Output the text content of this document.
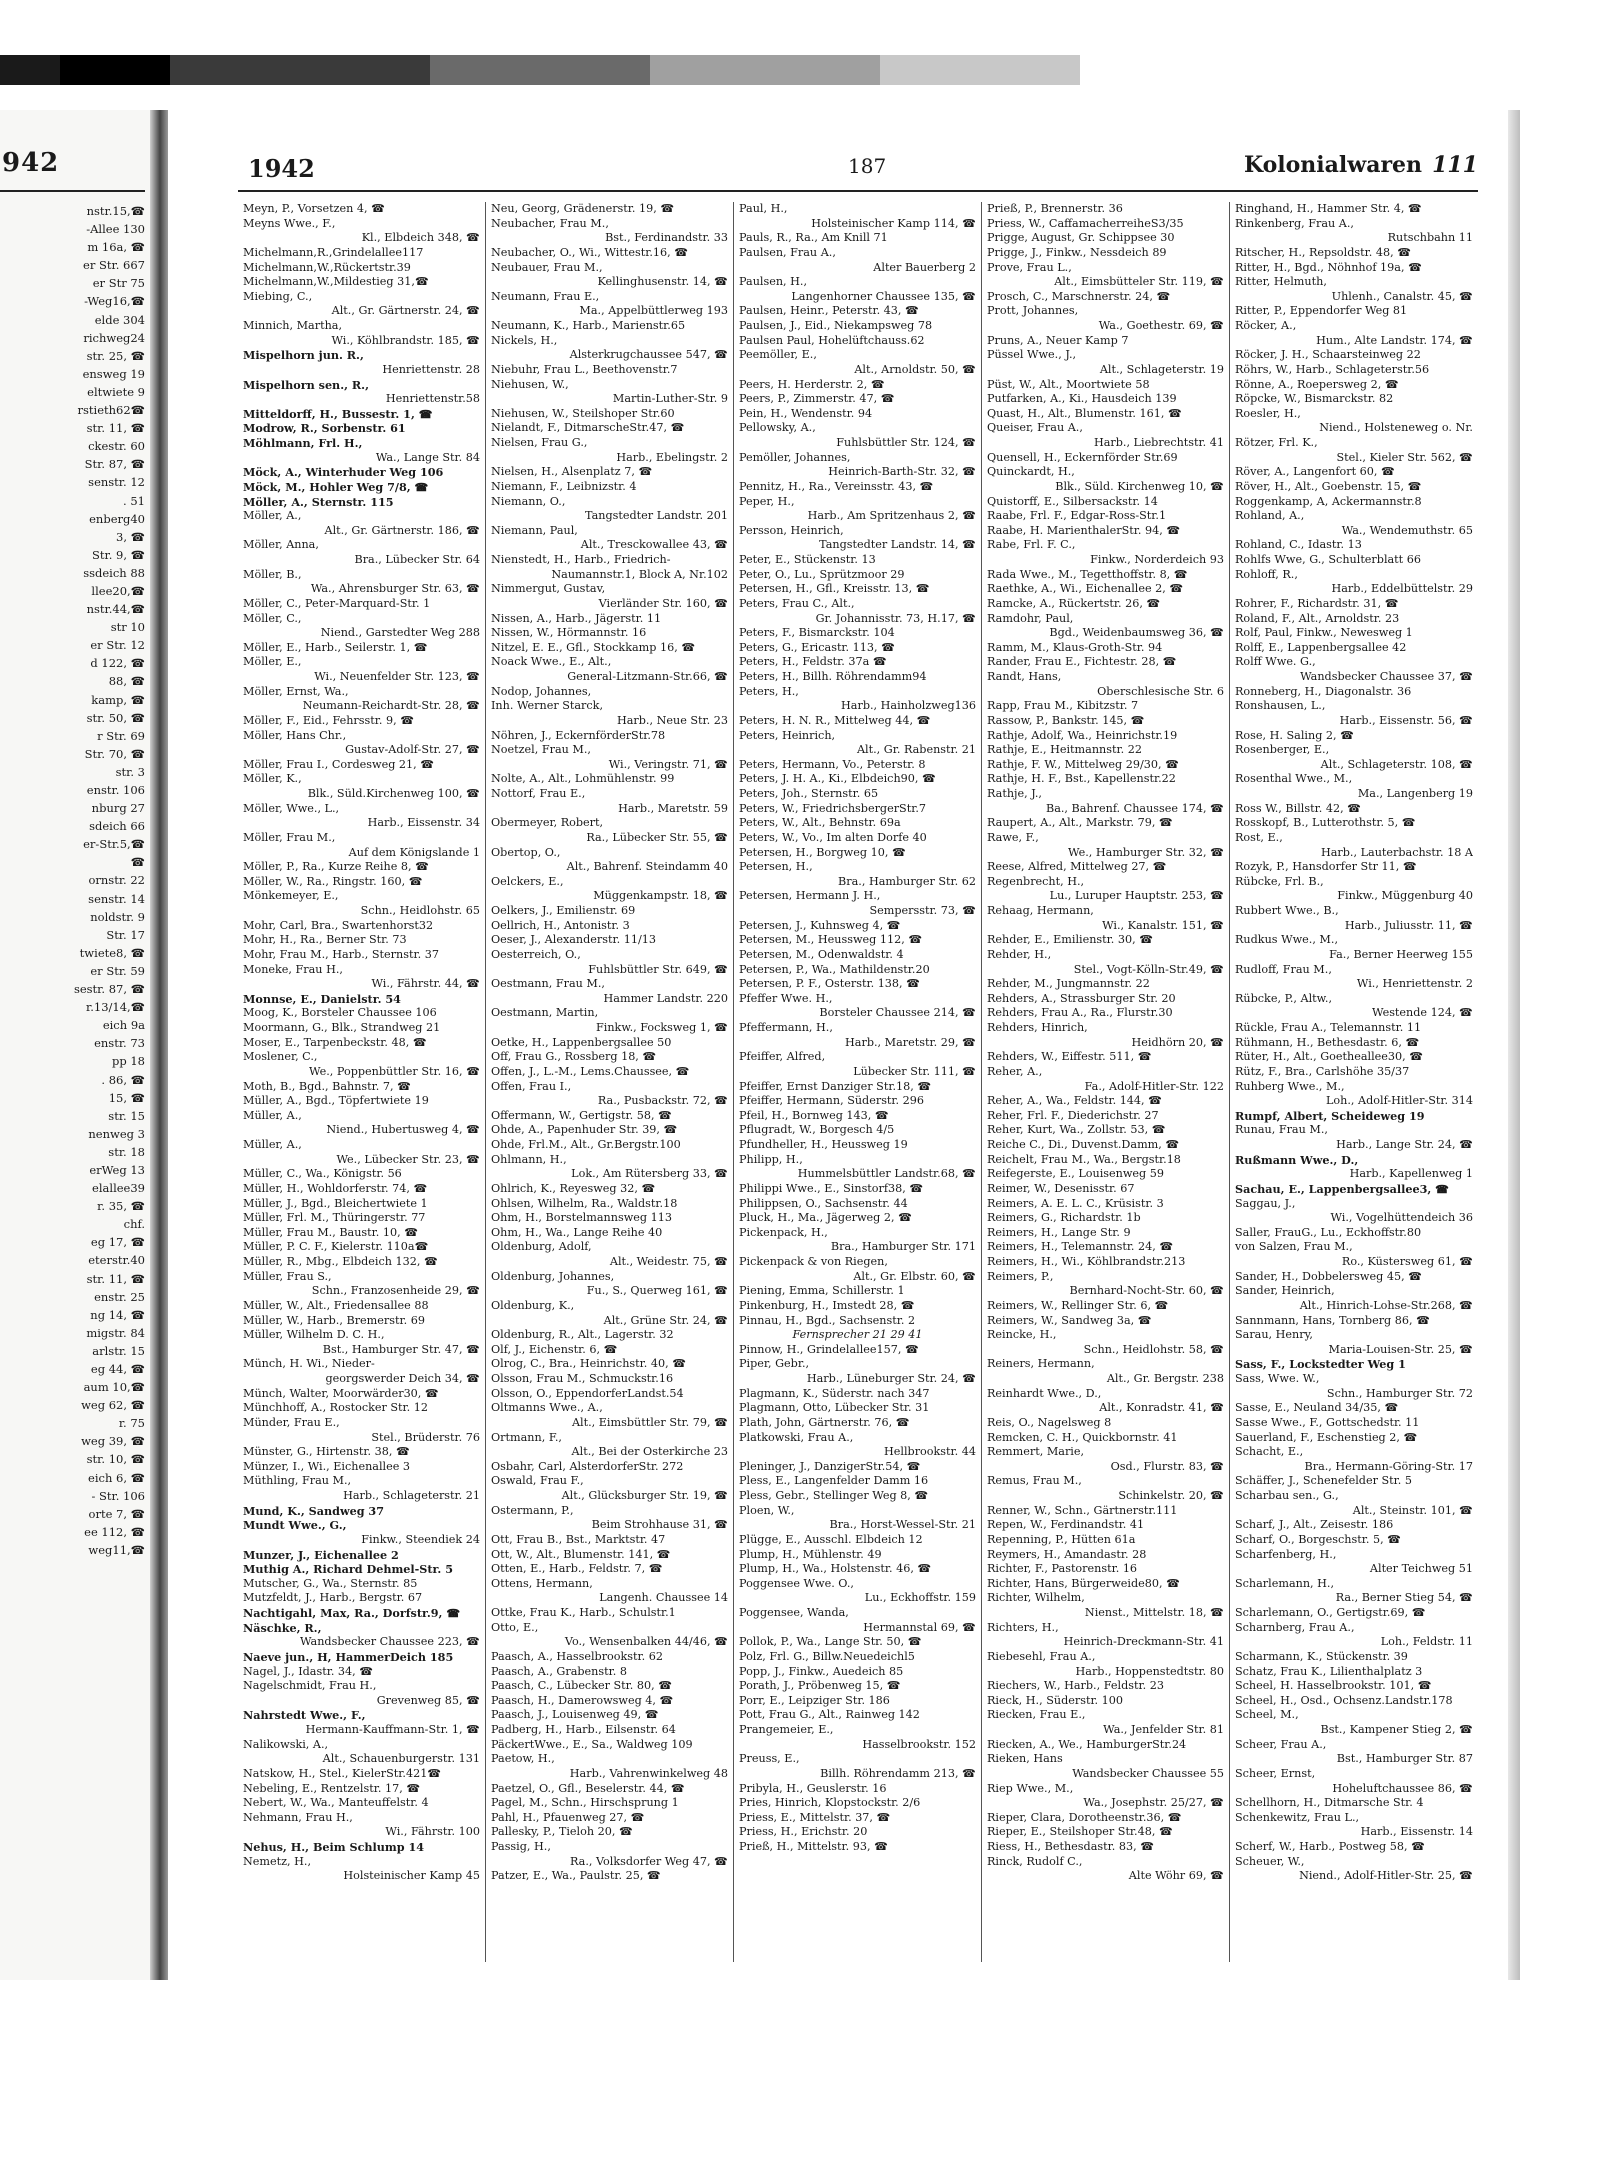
942
nstr.15,☎
-Allee 130
m 16a, ☎
er Str. 667
er Str 75
-Weg16,☎
elde 304
richweg24
str. 25, ☎
ensweg 19
eltwiete 9
rstieth62☎
str. 11, ☎
ckestr. 60
Str. 87, ☎
senstr. 12
. 51
enberg40
3, ☎
Str. 9, ☎
ssdeich 88
llee20,☎
nstr.44,☎
str 10
er Str. 12
d 122, ☎
88, ☎
kamp, ☎
str. 50, ☎
r Str. 69
Str. 70, ☎
str. 3
enstr. 106
nburg 27
sdeich 66
er-Str.5,☎
☎
ornstr. 22
senstr. 14
noldstr. 9
Str. 17
twiete8, ☎
er Str. 59
sestr. 87, ☎
r.13/14,☎
eich 9a
enstr. 73
pp 18
. 86, ☎
15, ☎
str. 15
nenweg 3
str. 18
erWeg 13
elallee39
r. 35, ☎
chf.
eg 17, ☎
eterstr.40
str. 11, ☎
enstr. 25
ng 14, ☎
migstr. 84
arlstr. 15
eg 44, ☎
aum 10,☎
weg 62, ☎
r. 75
weg 39, ☎
str. 10, ☎
eich 6, ☎
- Str. 106
orte 7, ☎
ee 112, ☎
weg11,☎
1942	187	Kolonialwaren 111
Meyn, P., Vorsetzen 4, ☎
Meyns Wwe., F.,
Kl., Elbdeich 348, ☎
Michelmann,R.,Grindelallee117
Michelmann,W.,Rückertstr.39
Michelmann,W.,Mildestieg 31,☎
Miebing, C.,
Alt., Gr. Gärtnerstr. 24, ☎
Minnich, Martha,
Wi., Köhlbrandstr. 185, ☎
Mispelhorn jun. R.,
Henriettenstr. 28
Mispelhorn sen., R.,
Henriettenstr.58
Mitteldorff, H., Bussestr. 1, ☎
Modrow, R., Sorbenstr. 61
Möhlmann, Frl. H.,
Wa., Lange Str. 84
Möck, A., Winterhuder Weg 106
Möck, M., Hohler Weg 7/8, ☎
Möller, A., Sternstr. 115
Möller, A.,
Alt., Gr. Gärtnerstr. 186, ☎
Möller, Anna,
Bra., Lübecker Str. 64
Möller, B.,
Wa., Ahrensburger Str. 63, ☎
Möller, C., Peter-Marquard-Str. 1
Möller, C.,
Niend., Garstedter Weg 288
Möller, E., Harb., Seilerstr. 1, ☎
Möller, E.,
Wi., Neuenfelder Str. 123, ☎
Möller, Ernst, Wa.,
Neumann-Reichardt-Str. 28, ☎
Möller, F., Eid., Fehrsstr. 9, ☎
Möller, Hans Chr.,
Gustav-Adolf-Str. 27, ☎
Möller, Frau I., Cordesweg 21, ☎
Möller, K.,
Blk., Süld.Kirchenweg 100, ☎
Möller, Wwe., L.,
Harb., Eissenstr. 34
Möller, Frau M.,
Auf dem Königslande 1
Möller, P., Ra., Kurze Reihe 8, ☎
Möller, W., Ra., Ringstr. 160, ☎
Mönkemeyer, E.,
Schn., Heidlohstr. 65
Mohr, Carl, Bra., Swartenhorst32
Mohr, H., Ra., Berner Str. 73
Mohr, Frau M., Harb., Sternstr. 37
Moneke, Frau H.,
Wi., Fährstr. 44, ☎
Monnse, E., Danielstr. 54
Moog, K., Borsteler Chaussee 106
Moormann, G., Blk., Strandweg 21
Moser, E., Tarpenbeckstr. 48, ☎
Moslener, C.,
We., Poppenbüttler Str. 16, ☎
Moth, B., Bgd., Bahnstr. 7, ☎
Müller, A., Bgd., Töpfertwiete 19
Müller, A.,
Niend., Hubertusweg 4, ☎
Müller, A.,
We., Lübecker Str. 23, ☎
Müller, C., Wa., Königstr. 56
Müller, H., Wohldorferstr. 74, ☎
Müller, J., Bgd., Bleichertwiete 1
Müller, Frl. M., Thüringerstr. 77
Müller, Frau M., Baustr. 10, ☎
Müller, P. C. F., Kielerstr. 110a☎
Müller, R., Mbg., Elbdeich 132, ☎
Müller, Frau S.,
Schn., Franzosenheide 29, ☎
Müller, W., Alt., Friedensallee 88
Müller, W., Harb., Bremerstr. 69
Müller, Wilhelm D. C. H.,
Bst., Hamburger Str. 47, ☎
Münch, H. Wi., Nieder-
georgswerder Deich 34, ☎
Münch, Walter, Moorwärder30, ☎
Münchhoff, A., Rostocker Str. 12
Münder, Frau E.,
Stel., Brüderstr. 76
Münster, G., Hirtenstr. 38, ☎
Münzer, I., Wi., Eichenallee 3
Müthling, Frau M.,
Harb., Schlageterstr. 21
Mund, K., Sandweg 37
Mundt Wwe., G.,
Finkw., Steendiek 24
Munzer, J., Eichenallee 2
Muthig A., Richard Dehmel-Str. 5
Mutscher, G., Wa., Sternstr. 85
Mutzfeldt, J., Harb., Bergstr. 67
Nachtigahl, Max, Ra., Dorfstr.9, ☎
Näschke, R.,
Wandsbecker Chaussee 223, ☎
Naeve jun., H, HammerDeich 185
Nagel, J., Idastr. 34, ☎
Nagelschmidt, Frau H.,
Grevenweg 85, ☎
Nahrstedt Wwe., F.,
Hermann-Kauffmann-Str. 1, ☎
Nalikowski, A.,
Alt., Schauenburgerstr. 131
Natskow, H., Stel., KielerStr.421☎
Nebeling, E., Rentzelstr. 17, ☎
Nebert, W., Wa., Manteuffelstr. 4
Nehmann, Frau H.,
Wi., Fährstr. 100
Nehus, H., Beim Schlump 14
Nemetz, H.,
Holsteinischer Kamp 45
Neu, Georg, Grädenerstr. 19, ☎
Neubacher, Frau M.,
Bst., Ferdinandstr. 33
Neubacher, O., Wi., Wittestr.16, ☎
Neubauer, Frau M.,
Kellinghusenstr. 14, ☎
Neumann, Frau E.,
Ma., Appelbüttlerweg 193
Neumann, K., Harb., Marienstr.65
Nickels, H.,
Alsterkrugchaussee 547, ☎
Niebuhr, Frau L., Beethovenstr.7
Niehusen, W.,
Martin-Luther-Str. 9
Niehusen, W., Steilshoper Str.60
Nielandt, F., DitmarscheStr.47, ☎
Nielsen, Frau G.,
Harb., Ebelingstr. 2
Nielsen, H., Alsenplatz 7, ☎
Niemann, F., Leibnizstr. 4
Niemann, O.,
Tangstedter Landstr. 201
Niemann, Paul,
Alt., Tresckowallee 43, ☎
Nienstedt, H., Harb., Friedrich-
Naumannstr.1, Block A, Nr.102
Nimmergut, Gustav,
Vierländer Str. 160, ☎
Nissen, A., Harb., Jägerstr. 11
Nissen, W., Hörmannstr. 16
Nitzel, E. E., Gfl., Stockkamp 16, ☎
Noack Wwe., E., Alt.,
General-Litzmann-Str.66, ☎
Nodop, Johannes,
Inh. Werner Starck,
Harb., Neue Str. 23
Nöhren, J., EckernförderStr.78
Noetzel, Frau M.,
Wi., Veringstr. 71, ☎
Nolte, A., Alt., Lohmühlenstr. 99
Nottorf, Frau E.,
Harb., Maretstr. 59
Obermeyer, Robert,
Ra., Lübecker Str. 55, ☎
Obertop, O.,
Alt., Bahrenf. Steindamm 40
Oelckers, E.,
Müggenkampstr. 18, ☎
Oelkers, J., Emilienstr. 69
Oellrich, H., Antonistr. 3
Oeser, J., Alexanderstr. 11/13
Oesterreich, O.,
Fuhlsbüttler Str. 649, ☎
Oestmann, Frau M.,
Hammer Landstr. 220
Oestmann, Martin,
Finkw., Focksweg 1, ☎
Oetke, H., Lappenbergsallee 50
Off, Frau G., Rossberg 18, ☎
Offen, J., L.-M., Lems.Chaussee, ☎
Offen, Frau I.,
Ra., Pusbackstr. 72, ☎
Offermann, W., Gertigstr. 58, ☎
Ohde, A., Papenhuder Str. 39, ☎
Ohde, Frl.M., Alt., Gr.Bergstr.100
Ohlmann, H.,
Lok., Am Rütersberg 33, ☎
Ohlrich, K., Reyesweg 32, ☎
Ohlsen, Wilhelm, Ra., Waldstr.18
Ohm, H., Borstelmannsweg 113
Ohm, H., Wa., Lange Reihe 40
Oldenburg, Adolf,
Alt., Weidestr. 75, ☎
Oldenburg, Johannes,
Fu., S., Querweg 161, ☎
Oldenburg, K.,
Alt., Grüne Str. 24, ☎
Oldenburg, R., Alt., Lagerstr. 32
Olf, J., Eichenstr. 6, ☎
Olrog, C., Bra., Heinrichstr. 40, ☎
Olsson, Frau M., Schmuckstr.16
Olsson, O., EppendorferLandst.54
Oltmanns Wwe., A.,
Alt., Eimsbüttler Str. 79, ☎
Ortmann, F.,
Alt., Bei der Osterkirche 23
Osbahr, Carl, AlsterdorferStr. 272
Oswald, Frau F.,
Alt., Glücksburger Str. 19, ☎
Ostermann, P.,
Beim Strohhause 31, ☎
Ott, Frau B., Bst., Marktstr. 47
Ott, W., Alt., Blumenstr. 141, ☎
Otten, E., Harb., Feldstr. 7, ☎
Ottens, Hermann,
Langenh. Chaussee 14
Ottke, Frau K., Harb., Schulstr.1
Otto, E.,
Vo., Wensenbalken 44/46, ☎
Paasch, A., Hasselbrookstr. 62
Paasch, A., Grabenstr. 8
Paasch, C., Lübecker Str. 80, ☎
Paasch, H., Damerowsweg 4, ☎
Paasch, J., Louisenweg 49, ☎
Padberg, H., Harb., Eilsenstr. 64
PäckertWwe., E., Sa., Waldweg 109
Paetow, H.,
Harb., Vahrenwinkelweg 48
Paetzel, O., Gfl., Beselerstr. 44, ☎
Pagel, M., Schn., Hirschsprung 1
Pahl, H., Pfauenweg 27, ☎
Pallesky, P., Tieloh 20, ☎
Passig, H.,
Ra., Volksdorfer Weg 47, ☎
Patzer, E., Wa., Paulstr. 25, ☎
Paul, H.,
Holsteinischer Kamp 114, ☎
Pauls, R., Ra., Am Knill 71
Paulsen, Frau A.,
Alter Bauerberg 2
Paulsen, H.,
Langenhorner Chaussee 135, ☎
Paulsen, Heinr., Peterstr. 43, ☎
Paulsen, J., Eid., Niekampsweg 78
Paulsen Paul, Hohelüftchauss.62
Peemöller, E.,
Alt., Arnoldstr. 50, ☎
Peers, H. Herderstr. 2, ☎
Peers, P., Zimmerstr. 47, ☎
Pein, H., Wendenstr. 94
Pellowsky, A.,
Fuhlsbüttler Str. 124, ☎
Pemöller, Johannes,
Heinrich-Barth-Str. 32, ☎
Pennitz, H., Ra., Vereinsstr. 43, ☎
Peper, H.,
Harb., Am Spritzenhaus 2, ☎
Persson, Heinrich,
Tangstedter Landstr. 14, ☎
Peter, E., Stückenstr. 13
Peter, O., Lu., Sprützmoor 29
Petersen, H., Gfl., Kreisstr. 13, ☎
Peters, Frau C., Alt.,
Gr. Johannisstr. 73, H.17, ☎
Peters, F., Bismarckstr. 104
Peters, G., Ericastr. 113, ☎
Peters, H., Feldstr. 37a ☎
Peters, H., Billh. Röhrendamm94
Peters, H.,
Harb., Hainholzweg136
Peters, H. N. R., Mittelweg 44, ☎
Peters, Heinrich,
Alt., Gr. Rabenstr. 21
Peters, Hermann, Vo., Peterstr. 8
Peters, J. H. A., Ki., Elbdeich90, ☎
Peters, Joh., Sternstr. 65
Peters, W., FriedrichsbergerStr.7
Peters, W., Alt., Behnstr. 69a
Peters, W., Vo., Im alten Dorfe 40
Petersen, H., Borgweg 10, ☎
Petersen, H.,
Bra., Hamburger Str. 62
Petersen, Hermann J. H.,
Sempersstr. 73, ☎
Petersen, J., Kuhnsweg 4, ☎
Petersen, M., Heussweg 112, ☎
Petersen, M., Odenwaldstr. 4
Petersen, P., Wa., Mathildenstr.20
Petersen, P. F., Osterstr. 138, ☎
Pfeffer Wwe. H.,
Borsteler Chaussee 214, ☎
Pfeffermann, H.,
Harb., Maretstr. 29, ☎
Pfeiffer, Alfred,
Lübecker Str. 111, ☎
Pfeiffer, Ernst Danziger Str.18, ☎
Pfeiffer, Hermann, Süderstr. 296
Pfeil, H., Bornweg 143, ☎
Pflugradt, W., Borgesch 4/5
Pfundheller, H., Heussweg 19
Philipp, H.,
Hummelsbüttler Landstr.68, ☎
Philippi Wwe., E., Sinstorf38, ☎
Philippsen, O., Sachsenstr. 44
Pluck, H., Ma., Jägerweg 2, ☎
Pickenpack, H.,
Bra., Hamburger Str. 171
Pickenpack & von Riegen,
Alt., Gr. Elbstr. 60, ☎
Piening, Emma, Schillerstr. 1
Pinkenburg, H., Imstedt 28, ☎
Pinnau, H., Bgd., Sachsenstr. 2
Fernsprecher 21 29 41
Pinnow, H., Grindelallee157, ☎
Piper, Gebr.,
Harb., Lüneburger Str. 24, ☎
Plagmann, K., Süderstr. nach 347
Plagmann, Otto, Lübecker Str. 31
Plath, John, Gärtnerstr. 76, ☎
Platkowski, Frau A.,
Hellbrookstr. 44
Pleninger, J., DanzigerStr.54, ☎
Pless, E., Langenfelder Damm 16
Pless, Gebr., Stellinger Weg 8, ☎
Ploen, W.,
Bra., Horst-Wessel-Str. 21
Plügge, E., Ausschl. Elbdeich 12
Plump, H., Mühlenstr. 49
Plump, H., Wa., Holstenstr. 46, ☎
Poggensee Wwe. O.,
Lu., Eckhoffstr. 159
Poggensee, Wanda,
Hermannstal 69, ☎
Pollok, P., Wa., Lange Str. 50, ☎
Polz, Frl. G., Billw.Neuedeichl5
Popp, J., Finkw., Auedeich 85
Porath, J., Pröbenweg 15, ☎
Porr, E., Leipziger Str. 186
Pott, Frau G., Alt., Rainweg 142
Prangemeier, E.,
Hasselbrookstr. 152
Preuss, E.,
Billh. Röhrendamm 213, ☎
Pribyla, H., Geuslerstr. 16
Pries, Hinrich, Klopstockstr. 2/6
Priess, E., Mittelstr. 37, ☎
Priess, H., Erichstr. 20
Prieß, H., Mittelstr. 93, ☎
Prieß, P., Brennerstr. 36
Priess, W., CaffamacherreiheS3/35
Prigge, August, Gr. Schippsee 30
Prigge, J., Finkw., Nessdeich 89
Prove, Frau L.,
Alt., Eimsbütteler Str. 119, ☎
Prosch, C., Marschnerstr. 24, ☎
Prott, Johannes,
Wa., Goethestr. 69, ☎
Pruns, A., Neuer Kamp 7
Püssel Wwe., J.,
Alt., Schlageterstr. 19
Püst, W., Alt., Moortwiete 58
Putfarken, A., Ki., Hausdeich 139
Quast, H., Alt., Blumenstr. 161, ☎
Queiser, Frau A.,
Harb., Liebrechtstr. 41
Quensell, H., Eckernförder Str.69
Quinckardt, H.,
Blk., Süld. Kirchenweg 10, ☎
Quistorff, E., Silbersackstr. 14
Raabe, Frl. F., Edgar-Ross-Str.1
Raabe, H. MarienthalerStr. 94, ☎
Rabe, Frl. F. C.,
Finkw., Norderdeich 93
Rada Wwe., M., Tegetthoffstr. 8, ☎
Raethke, A., Wi., Eichenallee 2, ☎
Ramcke, A., Rückertstr. 26, ☎
Ramdohr, Paul,
Bgd., Weidenbaumsweg 36, ☎
Ramm, M., Klaus-Groth-Str. 94
Rander, Frau E., Fichtestr. 28, ☎
Randt, Hans,
Oberschlesische Str. 6
Rapp, Frau M., Kibitzstr. 7
Rassow, P., Bankstr. 145, ☎
Rathje, Adolf, Wa., Heinrichstr.19
Rathje, E., Heitmannstr. 22
Rathje, F. W., Mittelweg 29/30, ☎
Rathje, H. F., Bst., Kapellenstr.22
Rathje, J.,
Ba., Bahrenf. Chaussee 174, ☎
Raupert, A., Alt., Markstr. 79, ☎
Rawe, F.,
We., Hamburger Str. 32, ☎
Reese, Alfred, Mittelweg 27, ☎
Regenbrecht, H.,
Lu., Luruper Hauptstr. 253, ☎
Rehaag, Hermann,
Wi., Kanalstr. 151, ☎
Rehder, E., Emilienstr. 30, ☎
Rehder, H.,
Stel., Vogt-Kölln-Str.49, ☎
Rehder, M., Jungmannstr. 22
Rehders, A., Strassburger Str. 20
Rehders, Frau A., Ra., Flurstr.30
Rehders, Hinrich,
Heidhörn 20, ☎
Rehders, W., Eiffestr. 511, ☎
Reher, A.,
Fa., Adolf-Hitler-Str. 122
Reher, A., Wa., Feldstr. 144, ☎
Reher, Frl. F., Diederichstr. 27
Reher, Kurt, Wa., Zollstr. 53, ☎
Reiche C., Di., Duvenst.Damm, ☎
Reichelt, Frau M., Wa., Bergstr.18
Reifegerste, E., Louisenweg 59
Reimer, W., Desenisstr. 67
Reimers, A. E. L. C., Krüsistr. 3
Reimers, G., Richardstr. 1b
Reimers, H., Lange Str. 9
Reimers, H., Telemannstr. 24, ☎
Reimers, H., Wi., Köhlbrandstr.213
Reimers, P.,
Bernhard-Nocht-Str. 60, ☎
Reimers, W., Rellinger Str. 6, ☎
Reimers, W., Sandweg 3a, ☎
Reincke, H.,
Schn., Heidlohstr. 58, ☎
Reiners, Hermann,
Alt., Gr. Bergstr. 238
Reinhardt Wwe., D.,
Alt., Konradstr. 41, ☎
Reis, O., Nagelsweg 8
Remcken, C. H., Quickbornstr. 41
Remmert, Marie,
Osd., Flurstr. 83, ☎
Remus, Frau M.,
Schinkelstr. 20, ☎
Renner, W., Schn., Gärtnerstr.111
Repen, W., Ferdinandstr. 41
Repenning, P., Hütten 61a
Reymers, H., Amandastr. 28
Richter, F., Pastorenstr. 16
Richter, Hans, Bürgerweide80, ☎
Richter, Wilhelm,
Nienst., Mittelstr. 18, ☎
Richters, H.,
Heinrich-Dreckmann-Str. 41
Riebesehl, Frau A.,
Harb., Hoppenstedtstr. 80
Riechers, W., Harb., Feldstr. 23
Rieck, H., Süderstr. 100
Riecken, Frau E.,
Wa., Jenfelder Str. 81
Riecken, A., We., HamburgerStr.24
Rieken, Hans
Wandsbecker Chaussee 55
Riep Wwe., M.,
Wa., Josephstr. 25/27, ☎
Rieper, Clara, Dorotheenstr.36, ☎
Rieper, E., Steilshoper Str.48, ☎
Riess, H., Bethesdastr. 83, ☎
Rinck, Rudolf C.,
Alte Wöhr 69, ☎
Ringhand, H., Hammer Str. 4, ☎
Rinkenberg, Frau A.,
Rutschbahn 11
Ritscher, H., Repsoldstr. 48, ☎
Ritter, H., Bgd., Nöhnhof 19a, ☎
Ritter, Helmuth,
Uhlenh., Canalstr. 45, ☎
Ritter, P., Eppendorfer Weg 81
Röcker, A.,
Hum., Alte Landstr. 174, ☎
Röcker, J. H., Schaarsteinweg 22
Röhrs, W., Harb., Schlageterstr.56
Rönne, A., Roepersweg 2, ☎
Röpcke, W., Bismarckstr. 82
Roesler, H.,
Niend., Holsteneweg o. Nr.
Rötzer, Frl. K.,
Stel., Kieler Str. 562, ☎
Röver, A., Langenfort 60, ☎
Röver, H., Alt., Goebenstr. 15, ☎
Roggenkamp, A, Ackermannstr.8
Rohland, A.,
Wa., Wendemuthstr. 65
Rohland, C., Idastr. 13
Rohlfs Wwe, G., Schulterblatt 66
Rohloff, R.,
Harb., Eddelbüttelstr. 29
Rohrer, F., Richardstr. 31, ☎
Roland, F., Alt., Arnoldstr. 23
Rolf, Paul, Finkw., Newesweg 1
Rolff, E., Lappenbergsallee 42
Rolff Wwe. G.,
Wandsbecker Chaussee 37, ☎
Ronneberg, H., Diagonalstr. 36
Ronshausen, L.,
Harb., Eissenstr. 56, ☎
Rose, H. Saling 2, ☎
Rosenberger, E.,
Alt., Schlageterstr. 108, ☎
Rosenthal Wwe., M.,
Ma., Langenberg 19
Ross W., Billstr. 42, ☎
Rosskopf, B., Lutterothstr. 5, ☎
Rost, E.,
Harb., Lauterbachstr. 18 A
Rozyk, P., Hansdorfer Str 11, ☎
Rübcke, Frl. B.,
Finkw., Müggenburg 40
Rubbert Wwe., B.,
Harb., Juliusstr. 11, ☎
Rudkus Wwe., M.,
Fa., Berner Heerweg 155
Rudloff, Frau M.,
Wi., Henriettenstr. 2
Rübcke, P., Altw.,
Westende 124, ☎
Rückle, Frau A., Telemannstr. 11
Rühmann, H., Bethesdastr. 6, ☎
Rüter, H., Alt., Goetheallee30, ☎
Rütz, F., Bra., Carlshöhe 35/37
Ruhberg Wwe., M.,
Loh., Adolf-Hitler-Str. 314
Rumpf, Albert, Scheideweg 19
Runau, Frau M.,
Harb., Lange Str. 24, ☎
Rußmann Wwe., D.,
Harb., Kapellenweg 1
Sachau, E., Lappenbergsallee3, ☎
Saggau, J.,
Wi., Vogelhüttendeich 36
Saller, FrauG., Lu., Eckhoffstr.80
von Salzen, Frau M.,
Ro., Küstersweg 61, ☎
Sander, H., Dobbelersweg 45, ☎
Sander, Heinrich,
Alt., Hinrich-Lohse-Str.268, ☎
Sannmann, Hans, Tornberg 86, ☎
Sarau, Henry,
Maria-Louisen-Str. 25, ☎
Sass, F., Lockstedter Weg 1
Sass, Wwe. W.,
Schn., Hamburger Str. 72
Sasse, E., Neuland 34/35, ☎
Sasse Wwe., F., Gottschedstr. 11
Sauerland, F., Eschenstieg 2, ☎
Schacht, E.,
Bra., Hermann-Göring-Str. 17
Schäffer, J., Schenefelder Str. 5
Scharbau sen., G.,
Alt., Steinstr. 101, ☎
Scharf, J., Alt., Zeisestr. 186
Scharf, O., Borgeschstr. 5, ☎
Scharfenberg, H.,
Alter Teichweg 51
Scharlemann, H.,
Ra., Berner Stieg 54, ☎
Scharlemann, O., Gertigstr.69, ☎
Scharnberg, Frau A.,
Loh., Feldstr. 11
Scharmann, K., Stückenstr. 39
Schatz, Frau K., Lilienthalplatz 3
Scheel, H. Hasselbrookstr. 101, ☎
Scheel, H., Osd., Ochsenz.Landstr.178
Scheel, M.,
Bst., Kampener Stieg 2, ☎
Scheer, Frau A.,
Bst., Hamburger Str. 87
Scheer, Ernst,
Hoheluftchaussee 86, ☎
Schellhorn, H., Ditmarsche Str. 4
Schenkewitz, Frau L.,
Harb., Eissenstr. 14
Scherf, W., Harb., Postweg 58, ☎
Scheuer, W.,
Niend., Adolf-Hitler-Str. 25, ☎
